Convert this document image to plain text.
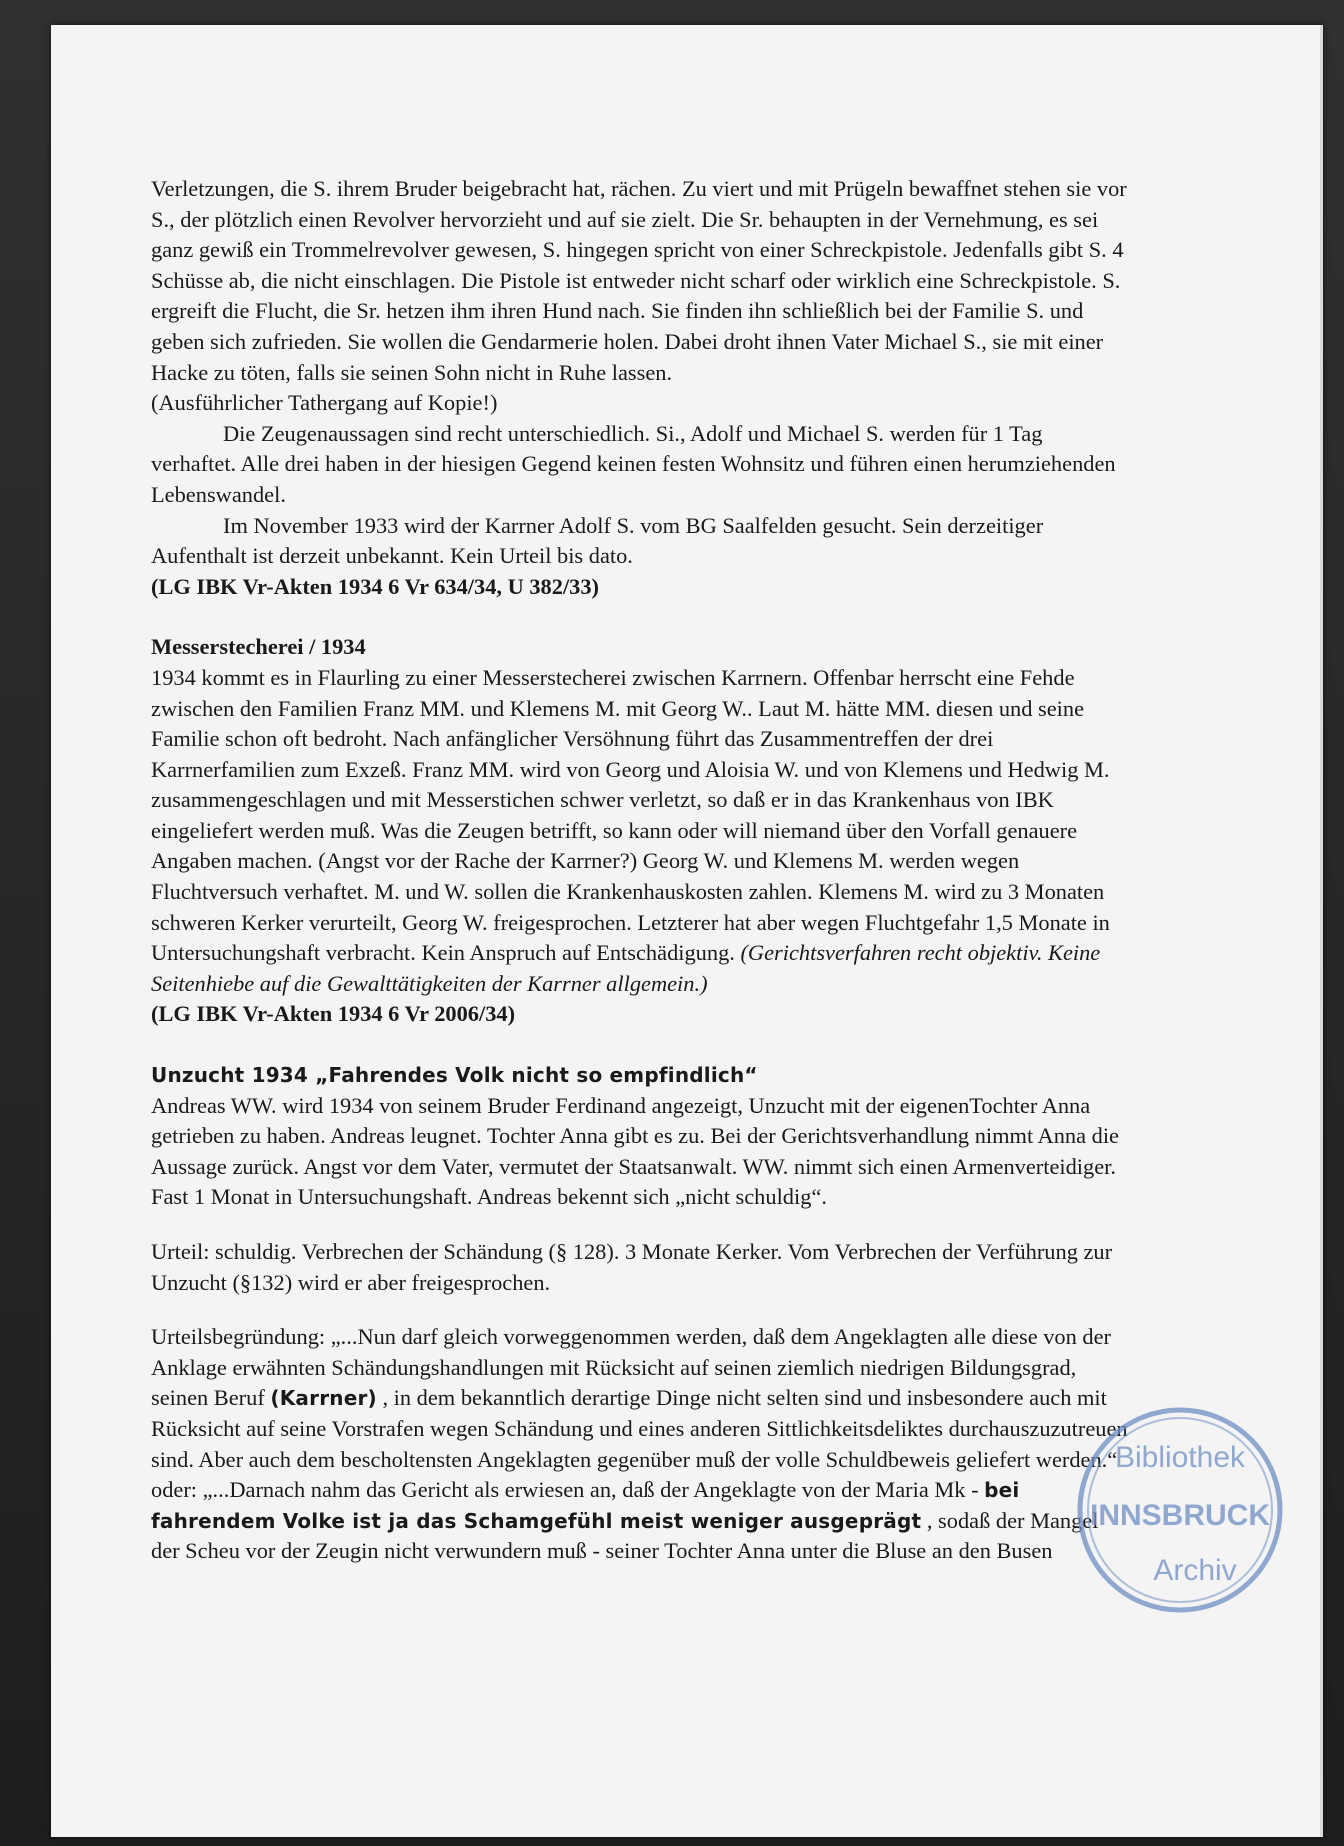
Verletzungen, die S. ihrem Bruder beigebracht hat, rächen. Zu viert und mit Prügeln bewaffnet stehen sie vor S., der plötzlich einen Revolver hervorzieht und auf sie zielt. Die Sr. behaupten in der Vernehmung, es sei ganz gewiß ein Trommelrevolver gewesen, S. hingegen spricht von einer Schreckpistole. Jedenfalls gibt S. 4 Schüsse ab, die nicht einschlagen. Die Pistole ist entweder nicht scharf oder wirklich eine Schreckpistole. S. ergreift die Flucht, die Sr. hetzen ihm ihren Hund nach. Sie finden ihn schließlich bei der Familie S. und geben sich zufrieden. Sie wollen die Gendarmerie holen. Dabei droht ihnen Vater Michael S., sie mit einer Hacke zu töten, falls sie seinen Sohn nicht in Ruhe lassen.

(Ausführlicher Tathergang auf Kopie!)

Die Zeugenaussagen sind recht unterschiedlich. Si., Adolf und Michael S. werden für 1 Tag verhaftet. Alle drei haben in der hiesigen Gegend keinen festen Wohnsitz und führen einen herumziehenden Lebenswandel.

Im November 1933 wird der Karrner Adolf S. vom BG Saalfelden gesucht. Sein derzeitiger Aufenthalt ist derzeit unbekannt. Kein Urteil bis dato.

(LG IBK Vr-Akten 1934 6 Vr 634/34, U 382/33)

Messerstecherei / 1934

1934 kommt es in Flaurling zu einer Messerstecherei zwischen Karrnern. Offenbar herrscht eine Fehde zwischen den Familien Franz MM. und Klemens M. mit Georg W.. Laut M. hätte MM. diesen und seine Familie schon oft bedroht. Nach anfänglicher Versöhnung führt das Zusammentreffen der drei Karrnerfamilien zum Exzeß. Franz MM. wird von Georg und Aloisia W. und von Klemens und Hedwig M. zusammengeschlagen und mit Messerstichen schwer verletzt, so daß er in das Krankenhaus von IBK eingeliefert werden muß. Was die Zeugen betrifft, so kann oder will niemand über den Vorfall genauere Angaben machen. (Angst vor der Rache der Karrner?) Georg W. und Klemens M. werden wegen Fluchtversuch verhaftet. M. und W. sollen die Krankenhauskosten zahlen. Klemens M. wird zu 3 Monaten schweren Kerker verurteilt, Georg W. freigesprochen. Letzterer hat aber wegen Fluchtgefahr 1,5 Monate in Untersuchungshaft verbracht. Kein Anspruch auf Entschädigung. (Gerichtsverfahren recht objektiv. Keine Seitenhiebe auf die Gewalttätigkeiten der Karrner allgemein.)

(LG IBK Vr-Akten 1934 6 Vr 2006/34)

Unzucht 1934 „Fahrendes Volk nicht so empfindlich“

Andreas WW. wird 1934 von seinem Bruder Ferdinand angezeigt, Unzucht mit der eigenenTochter Anna getrieben zu haben. Andreas leugnet. Tochter Anna gibt es zu. Bei der Gerichtsverhandlung nimmt Anna die Aussage zurück. Angst vor dem Vater, vermutet der Staatsanwalt. WW. nimmt sich einen Armenverteidiger. Fast 1 Monat in Untersuchungshaft. Andreas bekennt sich „nicht schuldig“.

Urteil: schuldig. Verbrechen der Schändung (§ 128). 3 Monate Kerker. Vom Verbrechen der Verführung zur Unzucht (§132) wird er aber freigesprochen.

Urteilsbegründung: „...Nun darf gleich vorweggenommen werden, daß dem Angeklagten alle diese von der Anklage erwähnten Schändungshandlungen mit Rücksicht auf seinen ziemlich niedrigen Bildungsgrad, seinen Beruf (Karrner) , in dem bekanntlich derartige Dinge nicht selten sind und insbesondere auch mit Rücksicht auf seine Vorstrafen wegen Schändung und eines anderen Sittlichkeitsdeliktes durchauszuzutreuen sind. Aber auch dem bescholtensten Angeklagten gegenüber muß der volle Schuldbeweis geliefert werden.“ oder: „...Darnach nahm das Gericht als erwiesen an, daß der Angeklagte von der Maria Mk - bei fahrendem Volke ist ja das Schamgefühl meist weniger ausgeprägt , sodaß der Mangel der Scheu vor der Zeugin nicht verwundern muß - seiner Tochter Anna unter die Bluse an den Busen

Bibliothek
INNSBRUCK
Archiv
